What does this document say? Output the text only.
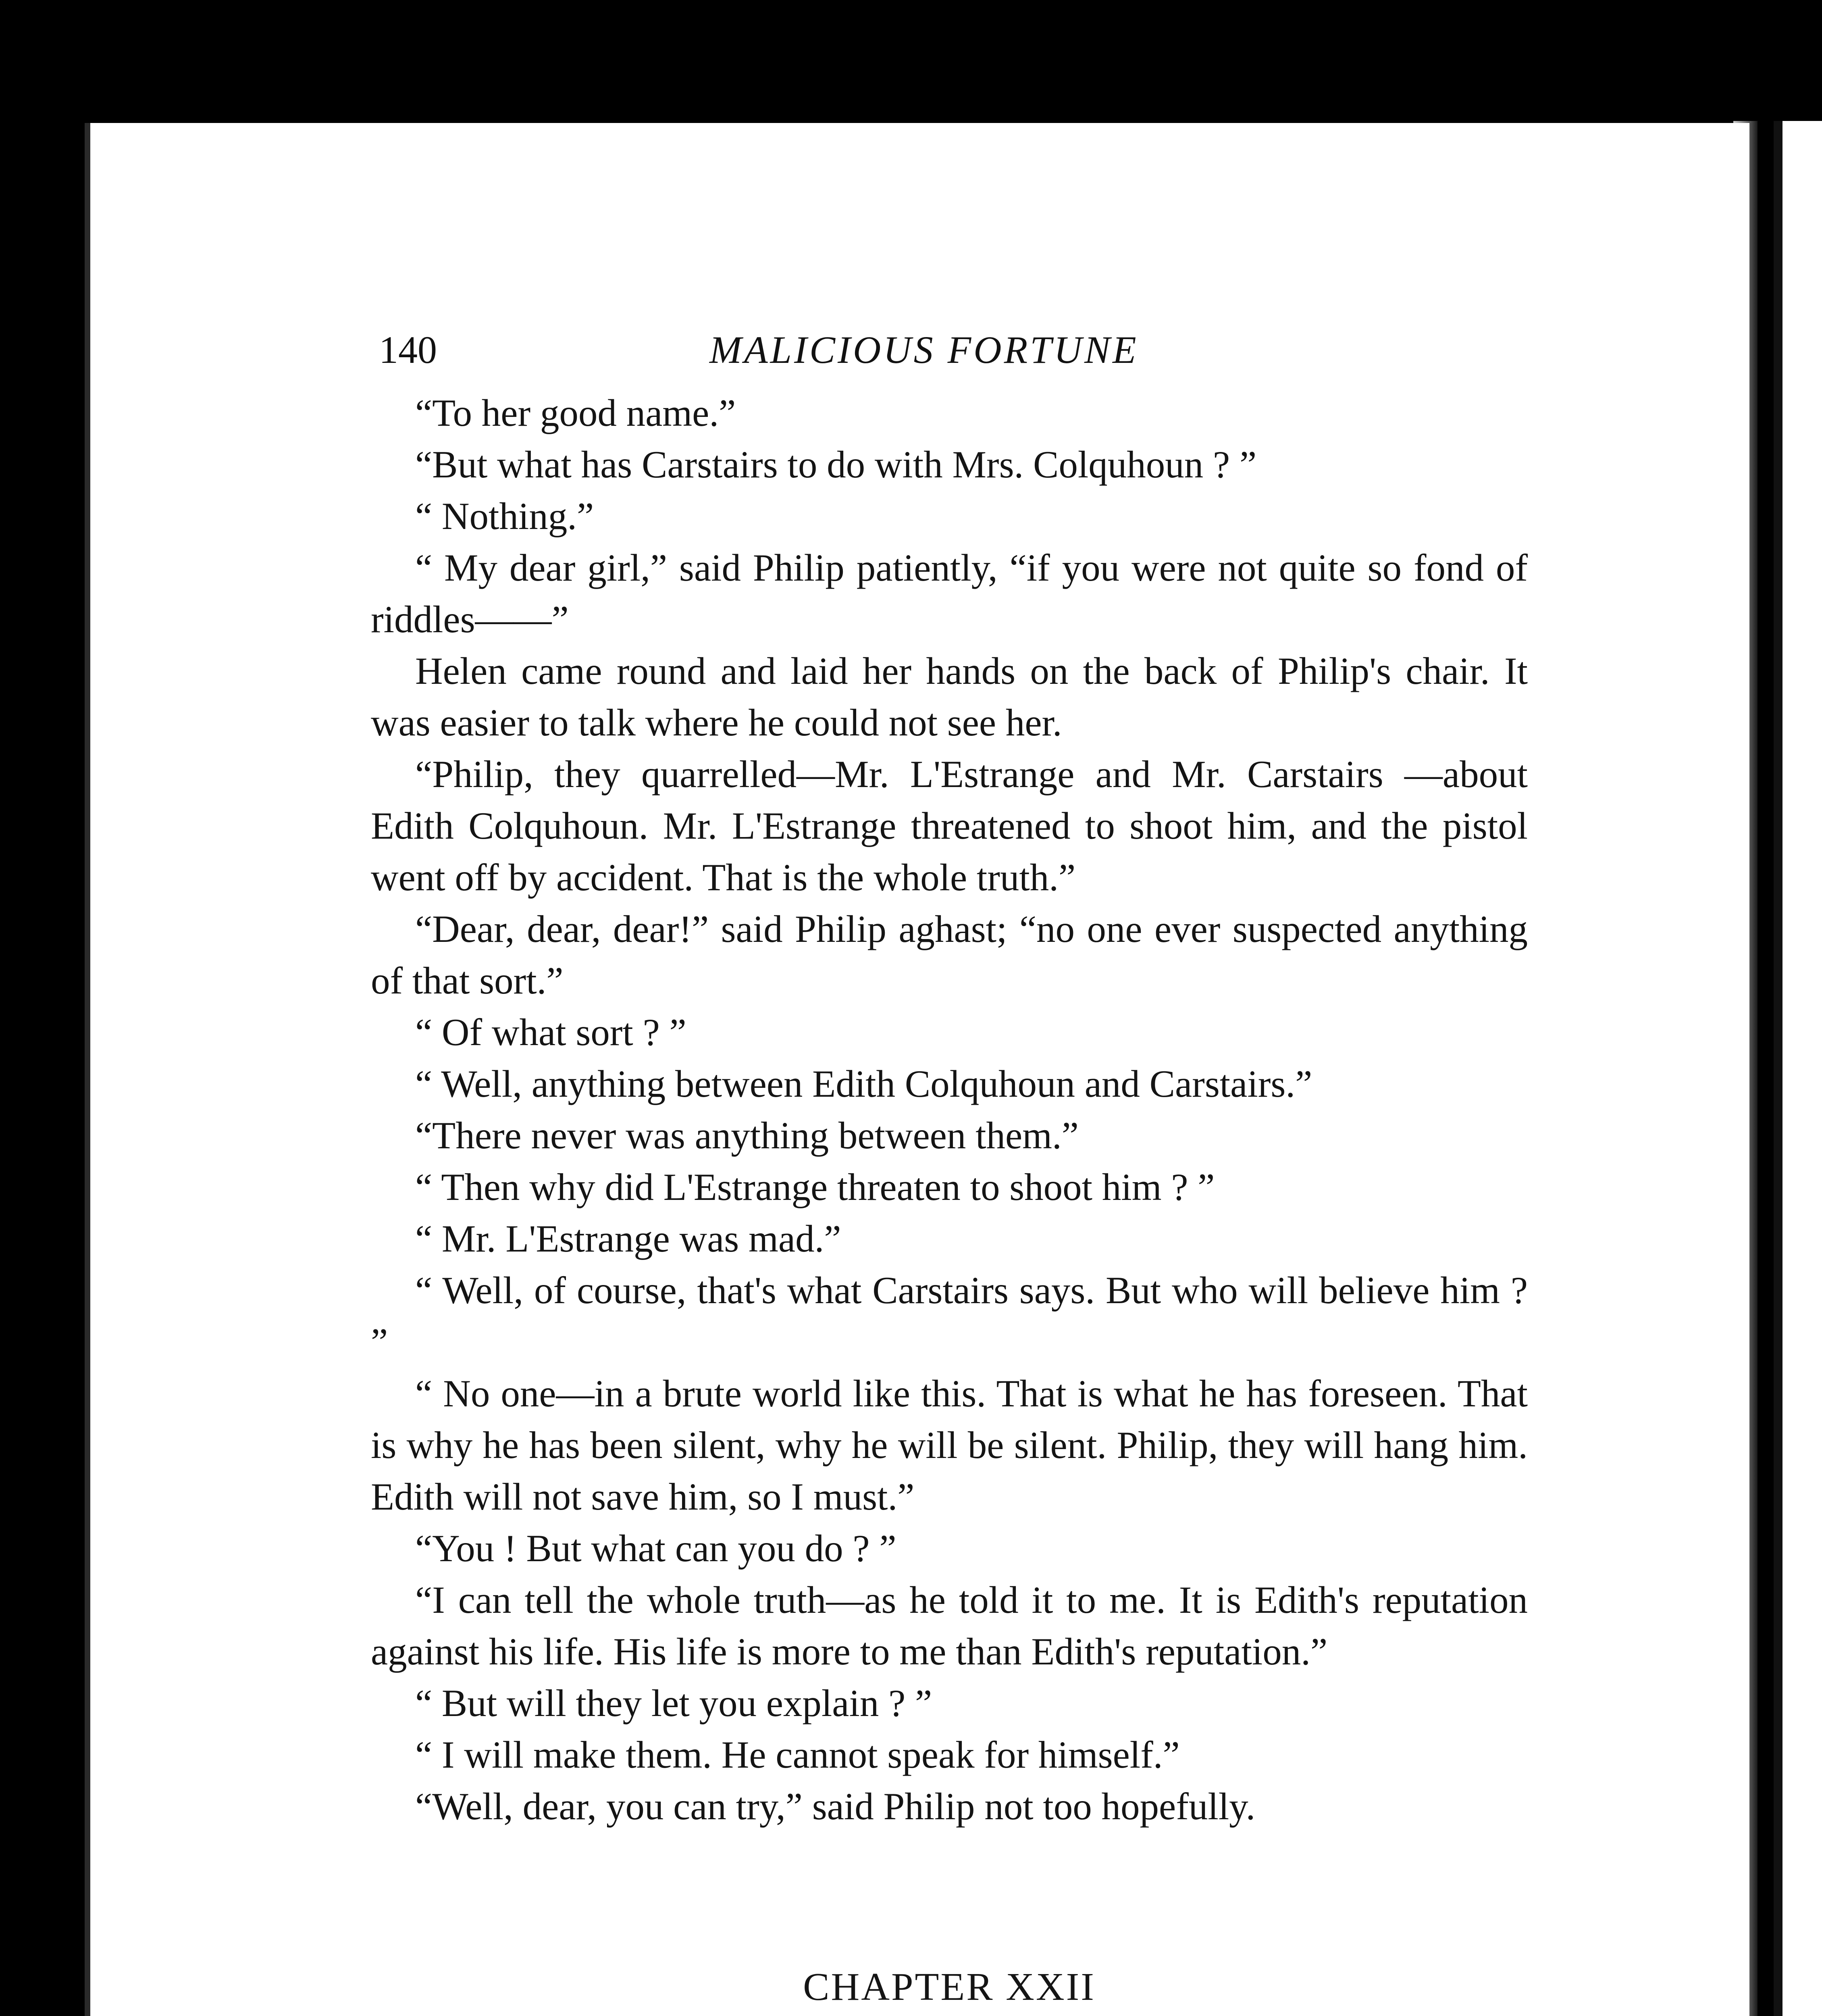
140	MALICIOUS FORTUNE

“To her good name.”

“But what has Carstairs to do with Mrs. Colquhoun ? ”

“ Nothing.”

“ My dear girl,” said Philip patiently, “if you were not quite so fond of riddles——”

Helen came round and laid her hands on the back of Philip's chair. It was easier to talk where he could not see her.

“Philip, they quarrelled—Mr. L'Estrange and Mr. Carstairs —about Edith Colquhoun. Mr. L'Estrange threatened to shoot him, and the pistol went off by accident. That is the whole truth.”

“Dear, dear, dear!” said Philip aghast; “no one ever suspected anything of that sort.”

“ Of what sort ? ”

“ Well, anything between Edith Colquhoun and Carstairs.”

“There never was anything between them.”

“ Then why did L'Estrange threaten to shoot him ? ”

“ Mr. L'Estrange was mad.”

“ Well, of course, that's what Carstairs says. But who will believe him ? ”

“ No one—in a brute world like this. That is what he has foreseen. That is why he has been silent, why he will be silent. Philip, they will hang him. Edith will not save him, so I must.”

“You ! But what can you do ? ”

“I can tell the whole truth—as he told it to me. It is Edith's reputation against his life. His life is more to me than Edith's reputation.”

“ But will they let you explain ? ”

“ I will make them. He cannot speak for himself.”

“Well, dear, you can try,” said Philip not too hopefully.

CHAPTER XXII
